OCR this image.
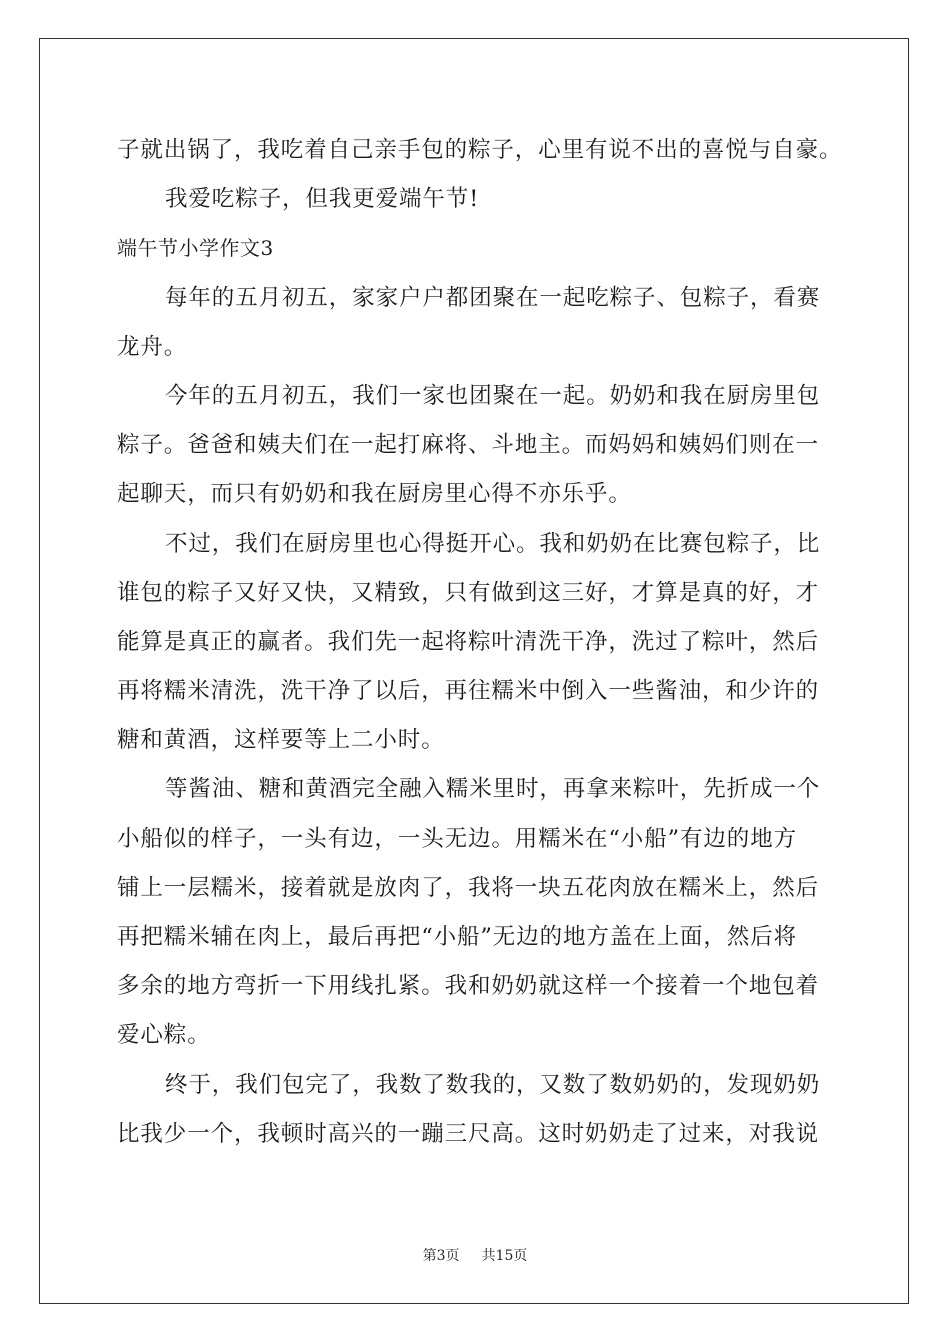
子就出锅了，我吃着自己亲手包的粽子，心里有说不出的喜悦与自豪。
我爱吃粽子，但我更爱端午节!
端午节小学作文3
每年的五月初五，家家户户都团聚在一起吃粽子、包粽子，看赛
龙舟。
今年的五月初五，我们一家也团聚在一起。奶奶和我在厨房里包
粽子。爸爸和姨夫们在一起打麻将、斗地主。而妈妈和姨妈们则在一
起聊天，而只有奶奶和我在厨房里心得不亦乐乎。
不过，我们在厨房里也心得挺开心。我和奶奶在比赛包粽子，比
谁包的粽子又好又快，又精致，只有做到这三好，才算是真的好，才
能算是真正的赢者。我们先一起将粽叶清洗干净，洗过了粽叶，然后
再将糯米清洗，洗干净了以后，再往糯米中倒入一些酱油，和少许的
糖和黄酒，这样要等上二小时。
等酱油、糖和黄酒完全融入糯米里时，再拿来粽叶，先折成一个
小船似的样子，一头有边，一头无边。用糯米在“小船”有边的地方
铺上一层糯米，接着就是放肉了，我将一块五花肉放在糯米上，然后
再把糯米辅在肉上，最后再把“小船”无边的地方盖在上面，然后将
多余的地方弯折一下用线扎紧。我和奶奶就这样一个接着一个地包着
爱心粽。
终于，我们包完了，我数了数我的，又数了数奶奶的，发现奶奶
比我少一个，我顿时高兴的一蹦三尺高。这时奶奶走了过来，对我说
第3页 共15页
